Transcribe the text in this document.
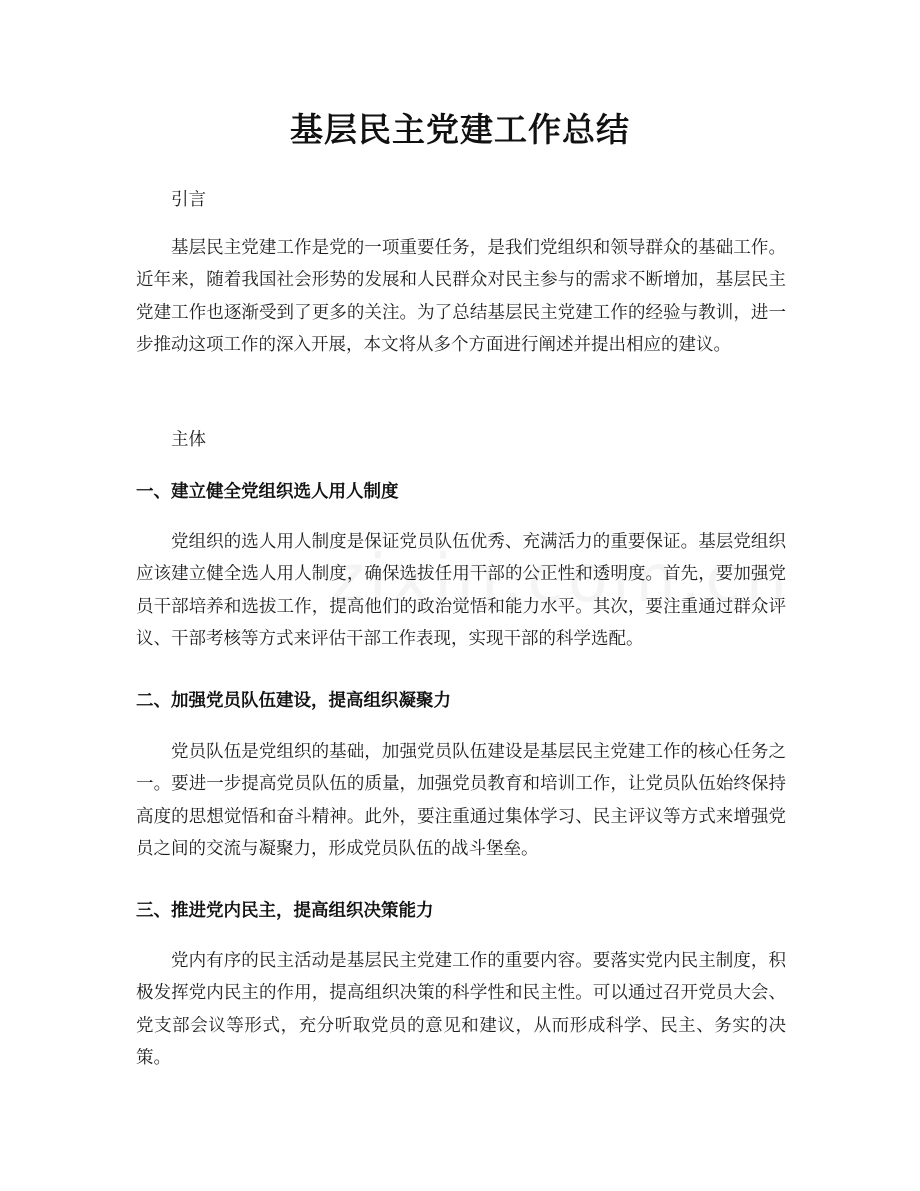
基层民主党建工作总结

引言

基层民主党建工作是党的一项重要任务，是我们党组织和领导群众的基础工作。近年来，随着我国社会形势的发展和人民群众对民主参与的需求不断增加，基层民主党建工作也逐渐受到了更多的关注。为了总结基层民主党建工作的经验与教训，进一步推动这项工作的深入开展，本文将从多个方面进行阐述并提出相应的建议。

主体

一、建立健全党组织选人用人制度

党组织的选人用人制度是保证党员队伍优秀、充满活力的重要保证。基层党组织应该建立健全选人用人制度，确保选拔任用干部的公正性和透明度。首先，要加强党员干部培养和选拔工作，提高他们的政治觉悟和能力水平。其次，要注重通过群众评议、干部考核等方式来评估干部工作表现，实现干部的科学选配。

二、加强党员队伍建设，提高组织凝聚力

党员队伍是党组织的基础，加强党员队伍建设是基层民主党建工作的核心任务之一。要进一步提高党员队伍的质量，加强党员教育和培训工作，让党员队伍始终保持高度的思想觉悟和奋斗精神。此外，要注重通过集体学习、民主评议等方式来增强党员之间的交流与凝聚力，形成党员队伍的战斗堡垒。

三、推进党内民主，提高组织决策能力

党内有序的民主活动是基层民主党建工作的重要内容。要落实党内民主制度，积极发挥党内民主的作用，提高组织决策的科学性和民主性。可以通过召开党员大会、党支部会议等形式，充分听取党员的意见和建议，从而形成科学、民主、务实的决策。
